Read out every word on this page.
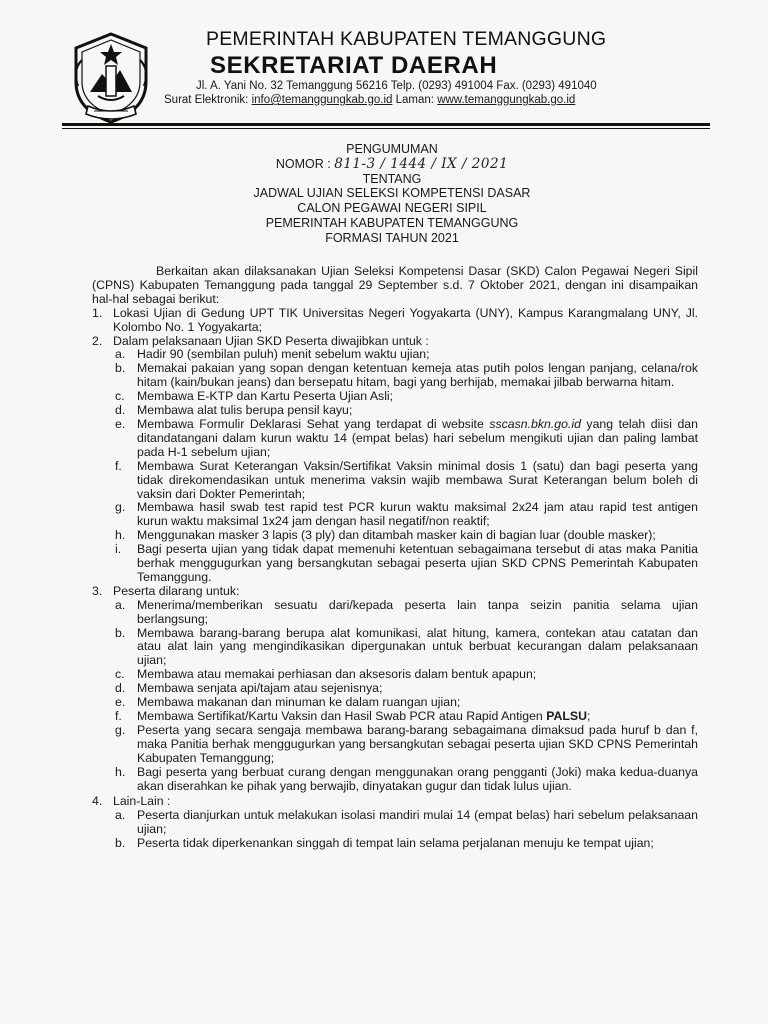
PEMERINTAH KABUPATEN TEMANGGUNG
SEKRETARIAT DAERAH
Jl. A. Yani No. 32 Temanggung 56216 Telp. (0293) 491004 Fax. (0293) 491040
Surat Elektronik: info@temanggungkab.go.id Laman: www.temanggungkab.go.id
PENGUMUMAN
NOMOR : 811-3 / 1444 / IX / 2021
TENTANG
JADWAL UJIAN SELEKSI KOMPETENSI DASAR
CALON PEGAWAI NEGERI SIPIL
PEMERINTAH KABUPATEN TEMANGGUNG
FORMASI TAHUN 2021
Berkaitan akan dilaksanakan Ujian Seleksi Kompetensi Dasar (SKD) Calon Pegawai Negeri Sipil (CPNS) Kabupaten Temanggung pada tanggal 29 September s.d. 7 Oktober 2021, dengan ini disampaikan hal-hal sebagai berikut:
1. Lokasi Ujian di Gedung UPT TIK Universitas Negeri Yogyakarta (UNY), Kampus Karangmalang UNY, Jl. Kolombo No. 1 Yogyakarta;
2. Dalam pelaksanaan Ujian SKD Peserta diwajibkan untuk :
a. Hadir 90 (sembilan puluh) menit sebelum waktu ujian;
b. Memakai pakaian yang sopan dengan ketentuan kemeja atas putih polos lengan panjang, celana/rok hitam (kain/bukan jeans) dan bersepatu hitam, bagi yang berhijab, memakai jilbab berwarna hitam.
c. Membawa E-KTP dan Kartu Peserta Ujian Asli;
d. Membawa alat tulis berupa pensil kayu;
e. Membawa Formulir Deklarasi Sehat yang terdapat di website sscasn.bkn.go.id yang telah diisi dan ditandatangani dalam kurun waktu 14 (empat belas) hari sebelum mengikuti ujian dan paling lambat pada H-1 sebelum ujian;
f. Membawa Surat Keterangan Vaksin/Sertifikat Vaksin minimal dosis 1 (satu) dan bagi peserta yang tidak direkomendasikan untuk menerima vaksin wajib membawa Surat Keterangan belum boleh di vaksin dari Dokter Pemerintah;
g. Membawa hasil swab test rapid test PCR kurun waktu maksimal 2x24 jam atau rapid test antigen kurun waktu maksimal 1x24 jam dengan hasil negatif/non reaktif;
h. Menggunakan masker 3 lapis (3 ply) dan ditambah masker kain di bagian luar (double masker);
i. Bagi peserta ujian yang tidak dapat memenuhi ketentuan sebagaimana tersebut di atas maka Panitia berhak menggugurkan yang bersangkutan sebagai peserta ujian SKD CPNS Pemerintah Kabupaten Temanggung.
3. Peserta dilarang untuk:
a. Menerima/memberikan sesuatu dari/kepada peserta lain tanpa seizin panitia selama ujian berlangsung;
b. Membawa barang-barang berupa alat komunikasi, alat hitung, kamera, contekan atau catatan dan atau alat lain yang mengindikasikan dipergunakan untuk berbuat kecurangan dalam pelaksanaan ujian;
c. Membawa atau memakai perhiasan dan aksesoris dalam bentuk apapun;
d. Membawa senjata api/tajam atau sejenisnya;
e. Membawa makanan dan minuman ke dalam ruangan ujian;
f. Membawa Sertifikat/Kartu Vaksin dan Hasil Swab PCR atau Rapid Antigen PALSU;
g. Peserta yang secara sengaja membawa barang-barang sebagaimana dimaksud pada huruf b dan f, maka Panitia berhak menggugurkan yang bersangkutan sebagai peserta ujian SKD CPNS Pemerintah Kabupaten Temanggung;
h. Bagi peserta yang berbuat curang dengan menggunakan orang pengganti (Joki) maka kedua-duanya akan diserahkan ke pihak yang berwajib, dinyatakan gugur dan tidak lulus ujian.
4. Lain-Lain :
a. Peserta dianjurkan untuk melakukan isolasi mandiri mulai 14 (empat belas) hari sebelum pelaksanaan ujian;
b. Peserta tidak diperkenankan singgah di tempat lain selama perjalanan menuju ke tempat ujian;
